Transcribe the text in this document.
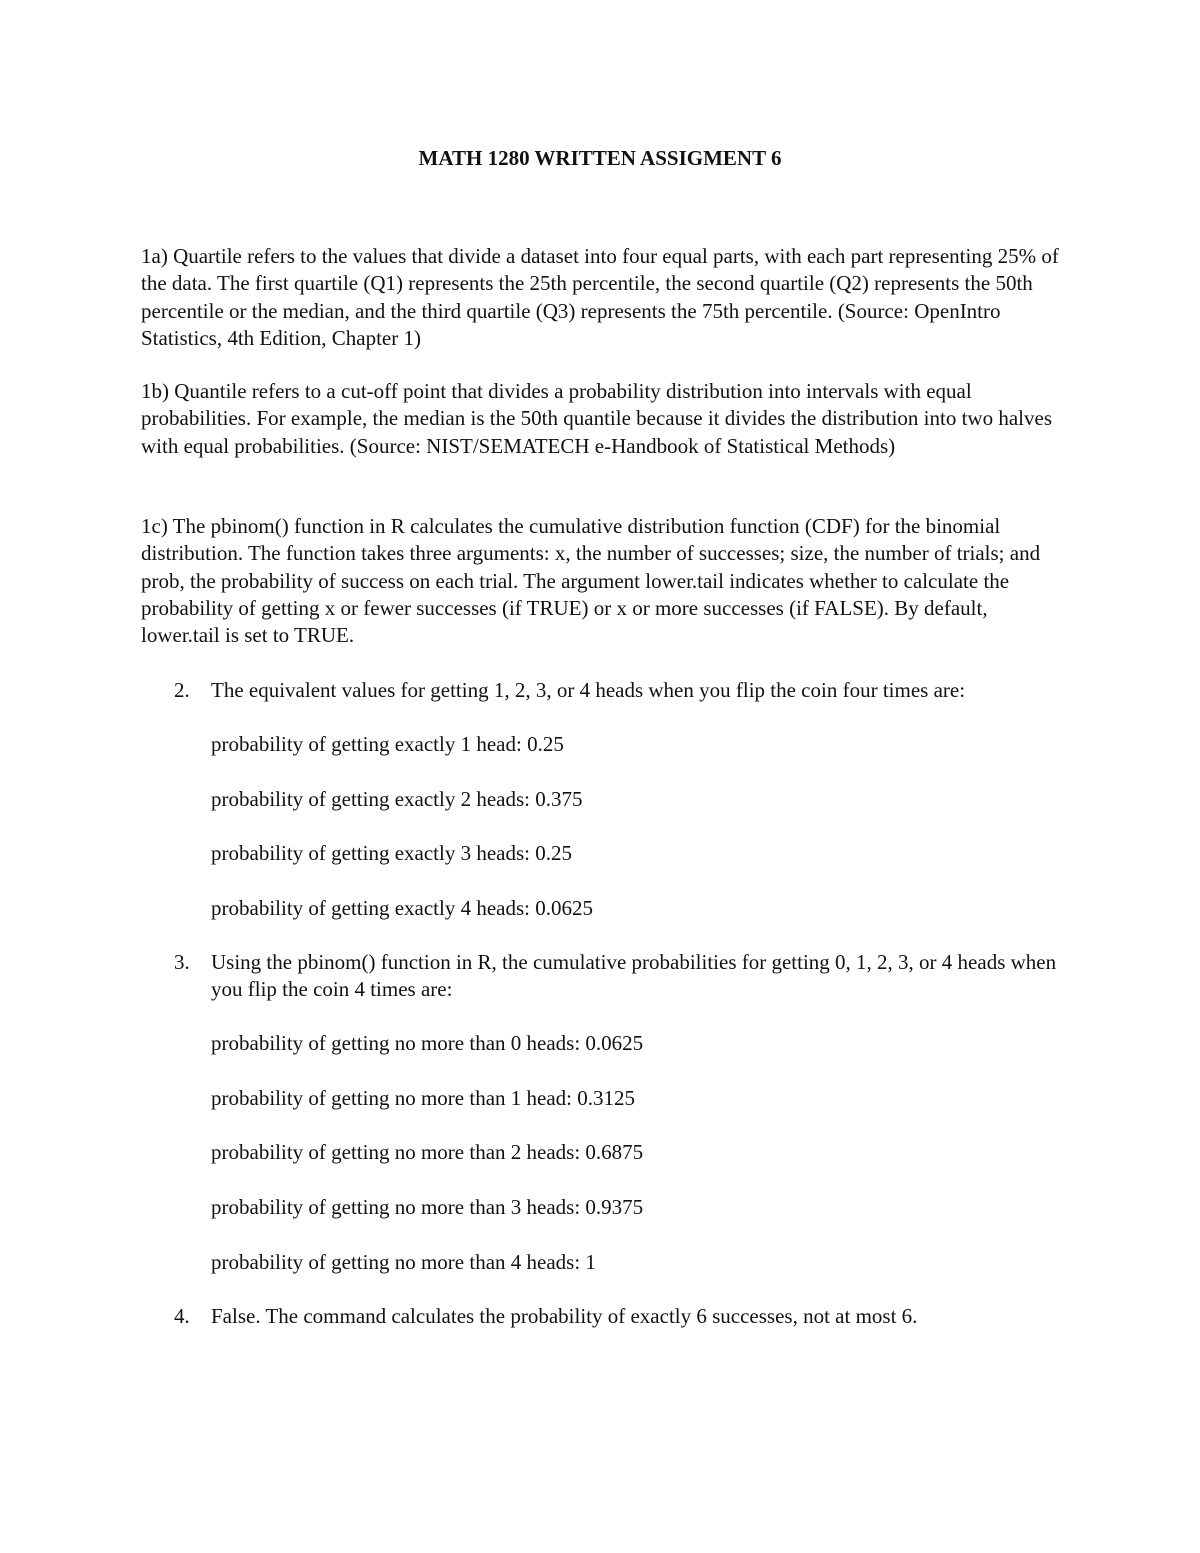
MATH 1280 WRITTEN ASSIGMENT 6

1a) Quartile refers to the values that divide a dataset into four equal parts, with each part representing 25% of the data. The first quartile (Q1) represents the 25th percentile, the second quartile (Q2) represents the 50th percentile or the median, and the third quartile (Q3) represents the 75th percentile. (Source: OpenIntro Statistics, 4th Edition, Chapter 1)

1b) Quantile refers to a cut-off point that divides a probability distribution into intervals with equal probabilities. For example, the median is the 50th quantile because it divides the distribution into two halves with equal probabilities. (Source: NIST/SEMATECH e-Handbook of Statistical Methods)

1c) The pbinom() function in R calculates the cumulative distribution function (CDF) for the binomial distribution. The function takes three arguments: x, the number of successes; size, the number of trials; and prob, the probability of success on each trial. The argument lower.tail indicates whether to calculate the probability of getting x or fewer successes (if TRUE) or x or more successes (if FALSE). By default, lower.tail is set to TRUE.

2. The equivalent values for getting 1, 2, 3, or 4 heads when you flip the coin four times are:
probability of getting exactly 1 head: 0.25
probability of getting exactly 2 heads: 0.375
probability of getting exactly 3 heads: 0.25
probability of getting exactly 4 heads: 0.0625
3. Using the pbinom() function in R, the cumulative probabilities for getting 0, 1, 2, 3, or 4 heads when you flip the coin 4 times are:
probability of getting no more than 0 heads: 0.0625
probability of getting no more than 1 head: 0.3125
probability of getting no more than 2 heads: 0.6875
probability of getting no more than 3 heads: 0.9375
probability of getting no more than 4 heads: 1
4. False. The command calculates the probability of exactly 6 successes, not at most 6.
